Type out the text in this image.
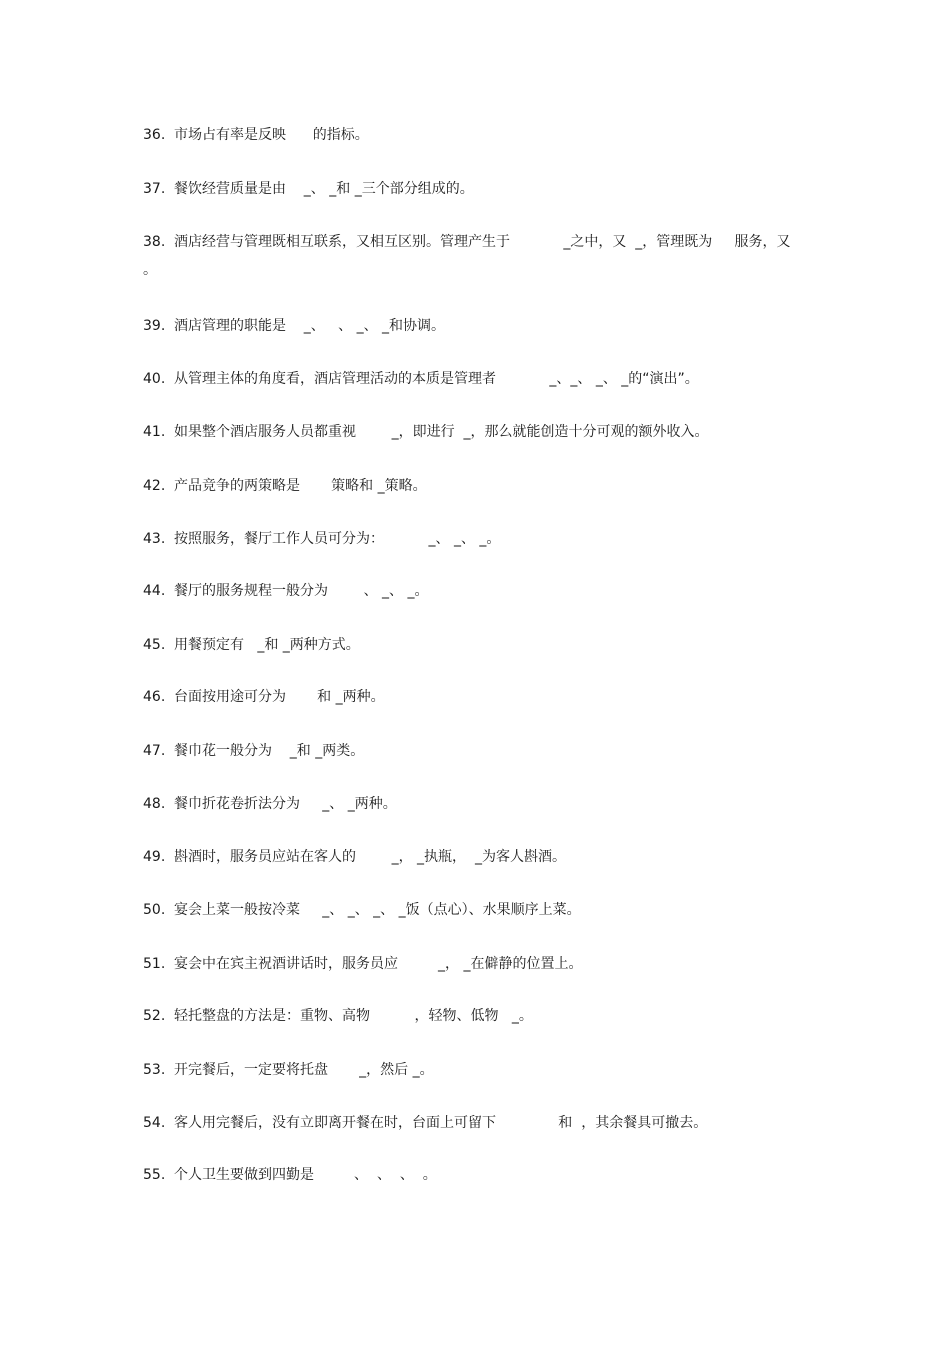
36. 市场占有率是反映      的指标。
37. 餐饮经营质量是由    _、 _和 _三个部分组成的。
38. 酒店经营与管理既相互联系，又相互区别。管理产生于            _之中，又  _，管理既为     服务，又  。
39. 酒店管理的职能是    _、   、 _、 _和协调。
40. 从管理主体的角度看，酒店管理活动的本质是管理者            _、_、 _、 _的“演出”。
41. 如果整个酒店服务人员都重视        _，即进行  _，那么就能创造十分可观的额外收入。
42. 产品竞争的两策略是       策略和 _策略。
43. 按照服务，餐厅工作人员可分为：          _、 _、 _。
44. 餐厅的服务规程一般分为        、 _、 _。
45. 用餐预定有   _和 _两种方式。
46. 台面按用途可分为       和 _两种。
47. 餐巾花一般分为    _和 _两类。
48. 餐巾折花卷折法分为     _、 _两种。
49. 斟酒时，服务员应站在客人的        _， _执瓶，  _为客人斟酒。
50. 宴会上菜一般按冷菜     _、 _、 _、 _饭（点心）、水果顺序上菜。
51. 宴会中在宾主祝酒讲话时，服务员应         _， _在僻静的位置上。
52. 轻托整盘的方法是：重物、高物          ，轻物、低物   _。
53. 开完餐后，一定要将托盘       _，然后 _。
54. 客人用完餐后，没有立即离开餐在时，台面上可留下              和  ，其余餐具可撤去。
55. 个人卫生要做到四勤是         、  、  、  。
